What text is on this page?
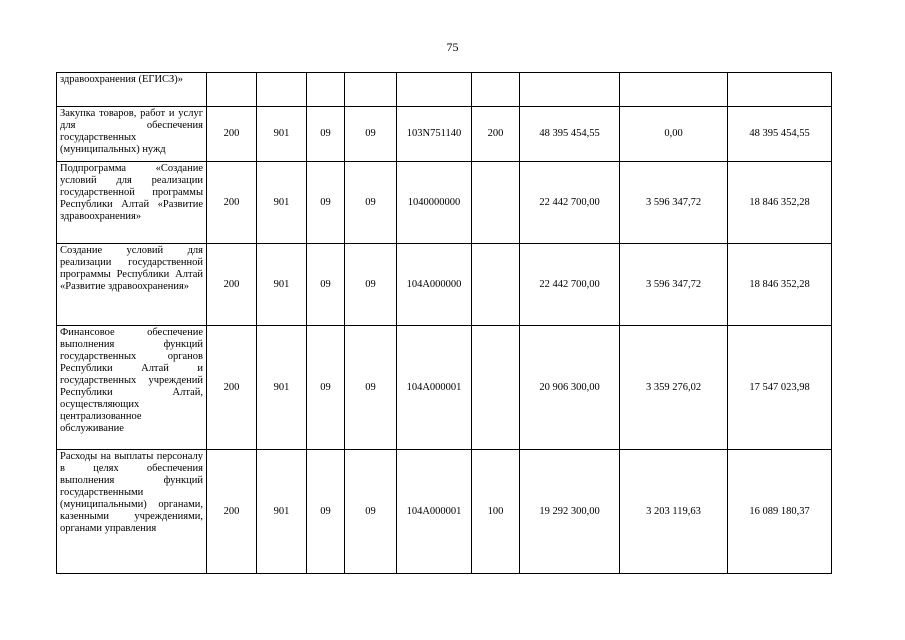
75
здравоохранения (ЕГИСЗ)»									
Закупка товаров, работ и услуг для обеспечения государственных (муниципальных) нужд	200	901	09	09	103N751140	200	48 395 454,55	0,00	48 395 454,55
Подпрограмма «Создание условий для реализации государственной программы Республики Алтай «Развитие здравоохранения»	200	901	09	09	1040000000		22 442 700,00	3 596 347,72	18 846 352,28
Создание условий для реализации государственной программы Республики Алтай «Развитие здравоохранения»	200	901	09	09	104А000000		22 442 700,00	3 596 347,72	18 846 352,28
Финансовое обеспечение выполнения функций государственных органов Республики Алтай и государственных учреждений Республики Алтай, осуществляющих централизованное обслуживание	200	901	09	09	104А000001		20 906 300,00	3 359 276,02	17 547 023,98
Расходы на выплаты персоналу в целях обеспечения выполнения функций государственными (муниципальными) органами, казенными учреждениями, органами управления	200	901	09	09	104А000001	100	19 292 300,00	3 203 119,63	16 089 180,37
